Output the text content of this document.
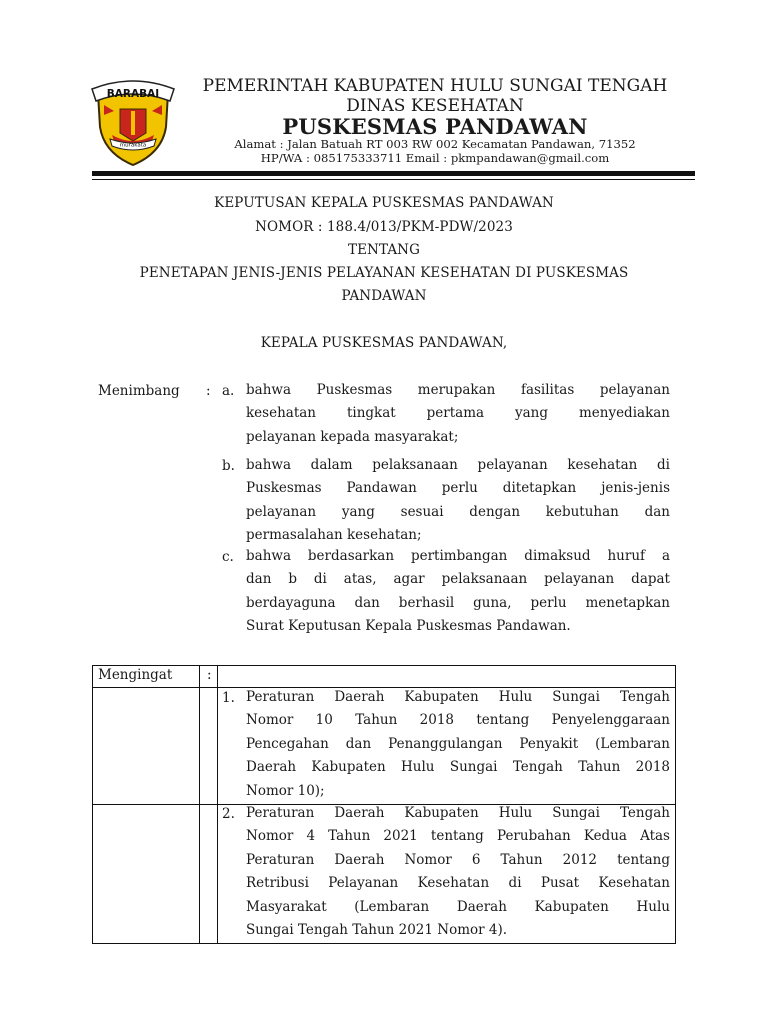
BARABAI
murakata
PEMERINTAH KABUPATEN HULU SUNGAI TENGAH
DINAS KESEHATAN
PUSKESMAS PANDAWAN
Alamat : Jalan Batuah RT 003 RW 002 Kecamatan Pandawan, 71352
HP/WA : 085175333711 Email : pkmpandawan@gmail.com
KEPUTUSAN KEPALA PUSKESMAS PANDAWAN
NOMOR : 188.4/013/PKM-PDW/2023
TENTANG
PENETAPAN JENIS-JENIS PELAYANAN KESEHATAN DI PUSKESMAS
PANDAWAN
KEPALA PUSKESMAS PANDAWAN,
Menimbang : a. bahwa Puskesmas merupakan fasilitas pelayanan
kesehatan tingkat pertama yang menyediakan
pelayanan kepada masyarakat;
b. bahwa dalam pelaksanaan pelayanan kesehatan di
Puskesmas Pandawan perlu ditetapkan jenis-jenis
pelayanan yang sesuai dengan kebutuhan dan
permasalahan kesehatan;
c. bahwa berdasarkan pertimbangan dimaksud huruf a
dan b di atas, agar pelaksanaan pelayanan dapat
berdayaguna dan berhasil guna, perlu menetapkan
Surat Keputusan Kepala Puskesmas Pandawan.
Mengingat	:
1. Peraturan Daerah Kabupaten Hulu Sungai Tengah
Nomor 10 Tahun 2018 tentang Penyelenggaraan
Pencegahan dan Penanggulangan Penyakit (Lembaran
Daerah Kabupaten Hulu Sungai Tengah Tahun 2018
Nomor 10);
2. Peraturan Daerah Kabupaten Hulu Sungai Tengah
Nomor 4 Tahun 2021 tentang Perubahan Kedua Atas
Peraturan Daerah Nomor 6 Tahun 2012 tentang
Retribusi Pelayanan Kesehatan di Pusat Kesehatan
Masyarakat (Lembaran Daerah Kabupaten Hulu
Sungai Tengah Tahun 2021 Nomor 4).
